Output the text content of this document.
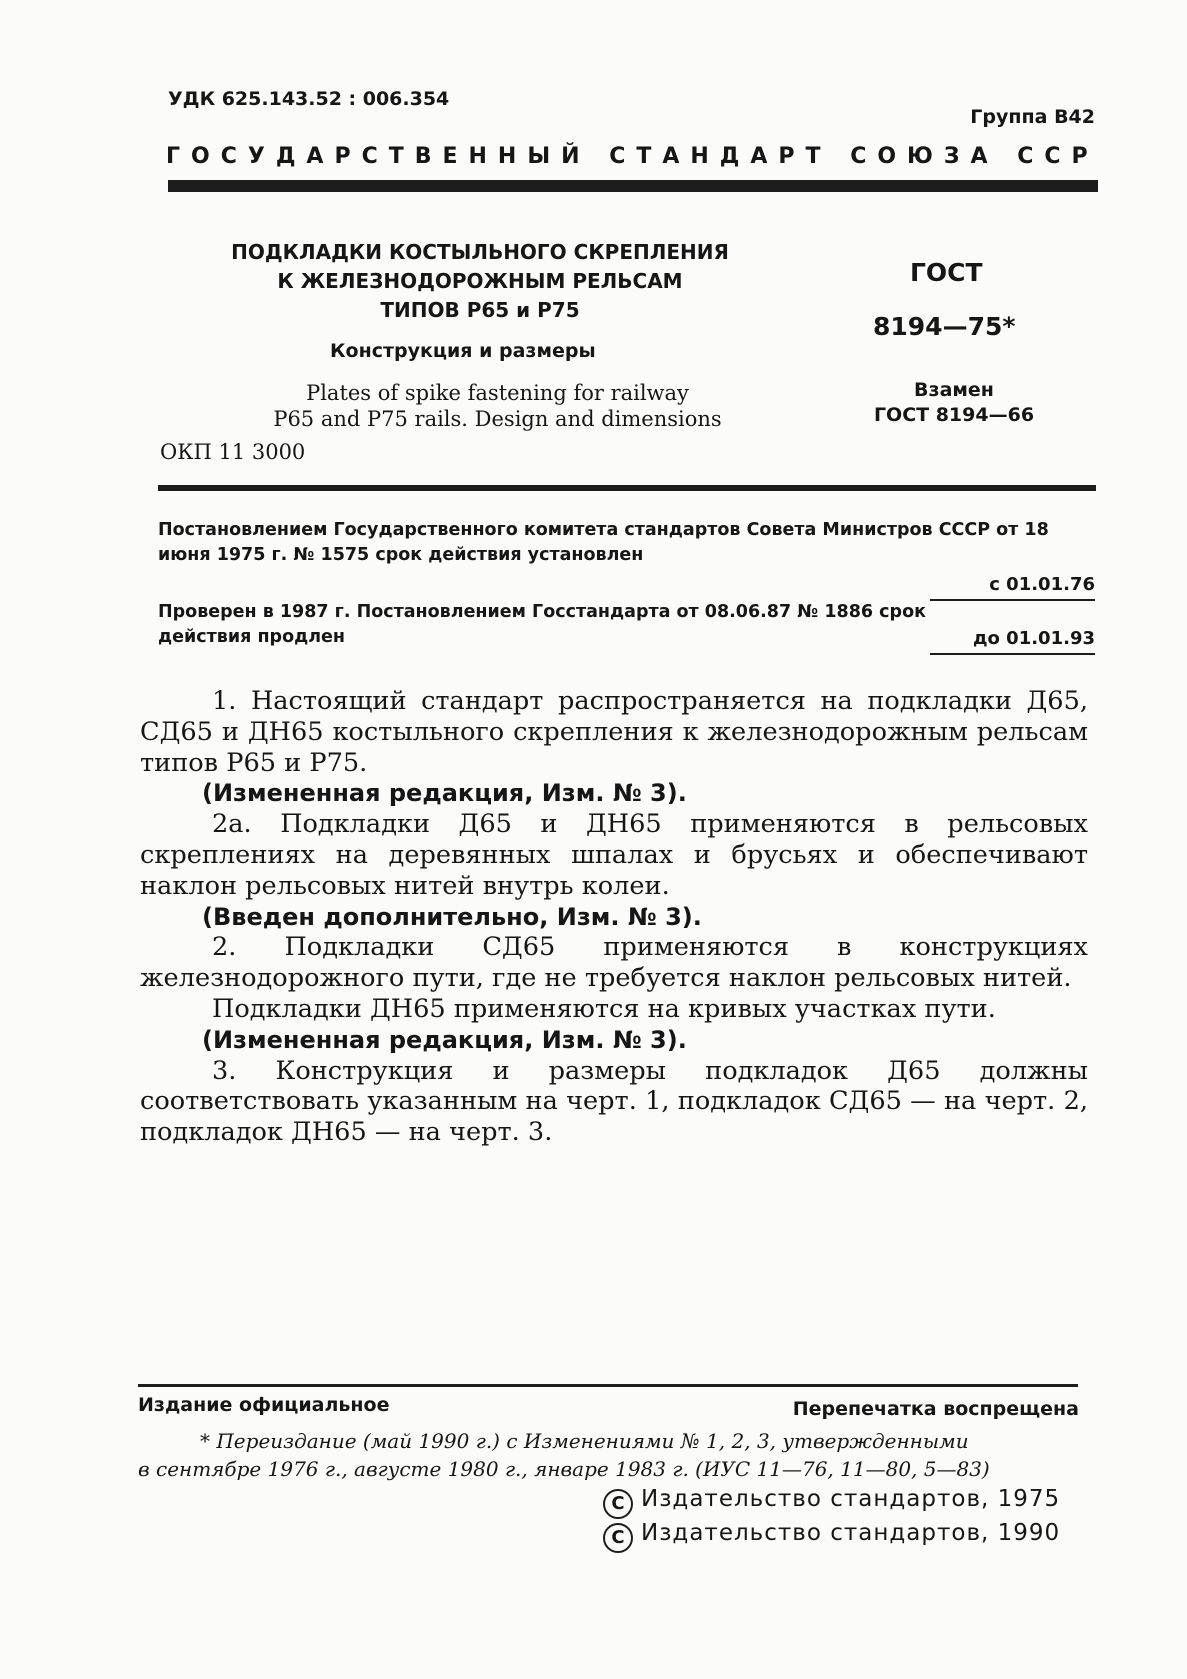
УДК 625.143.52 : 006.354
Группа В42
ГОСУДАРСТВЕННЫЙ СТАНДАРТ СОЮЗА ССР
ПОДКЛАДКИ КОСТЫЛЬНОГО СКРЕПЛЕНИЯ
К ЖЕЛЕЗНОДОРОЖНЫМ РЕЛЬСАМ
ТИПОВ Р65 и Р75
Конструкция и размеры
Plates of spike fastening for railway
P65 and P75 rails. Design and dimensions
ОКП 11 3000
ГОСТ
8194—75*
Взамен
ГОСТ 8194—66
Постановлением Государственного комитета стандартов Совета Министров СССР от 18 июня 1975 г. № 1575 срок действия установлен
с 01.01.76
Проверен в 1987 г. Постановлением Госстандарта от 08.06.87 № 1886 срок действия продлен	до 01.01.93

1. Настоящий стандарт распространяется на подкладки Д65, СД65 и ДН65 костыльного скрепления к железнодорожным рельсам типов Р65 и Р75.

(Измененная редакция, Изм. № 3).

2а. Подкладки Д65 и ДН65 применяются в рельсовых скреплениях на деревянных шпалах и брусьях и обеспечивают наклон рельсовых нитей внутрь колеи.

(Введен дополнительно, Изм. № 3).

2. Подкладки СД65 применяются в конструкциях железнодорожного пути, где не требуется наклон рельсовых нитей.

Подкладки ДН65 применяются на кривых участках пути.

(Измененная редакция, Изм. № 3).

3. Конструкция и размеры подкладок Д65 должны соответствовать указанным на черт. 1, подкладок СД65 — на черт. 2, подкладок ДН65 — на черт. 3.

Издание официальное	Перепечатка воспрещена
* Переиздание (май 1990 г.) с Изменениями № 1, 2, 3, утвержденными
в сентябре 1976 г., августе 1980 г., январе 1983 г. (ИУС 11—76, 11—80, 5—83)
C Издательство стандартов, 1975
C Издательство стандартов, 1990
